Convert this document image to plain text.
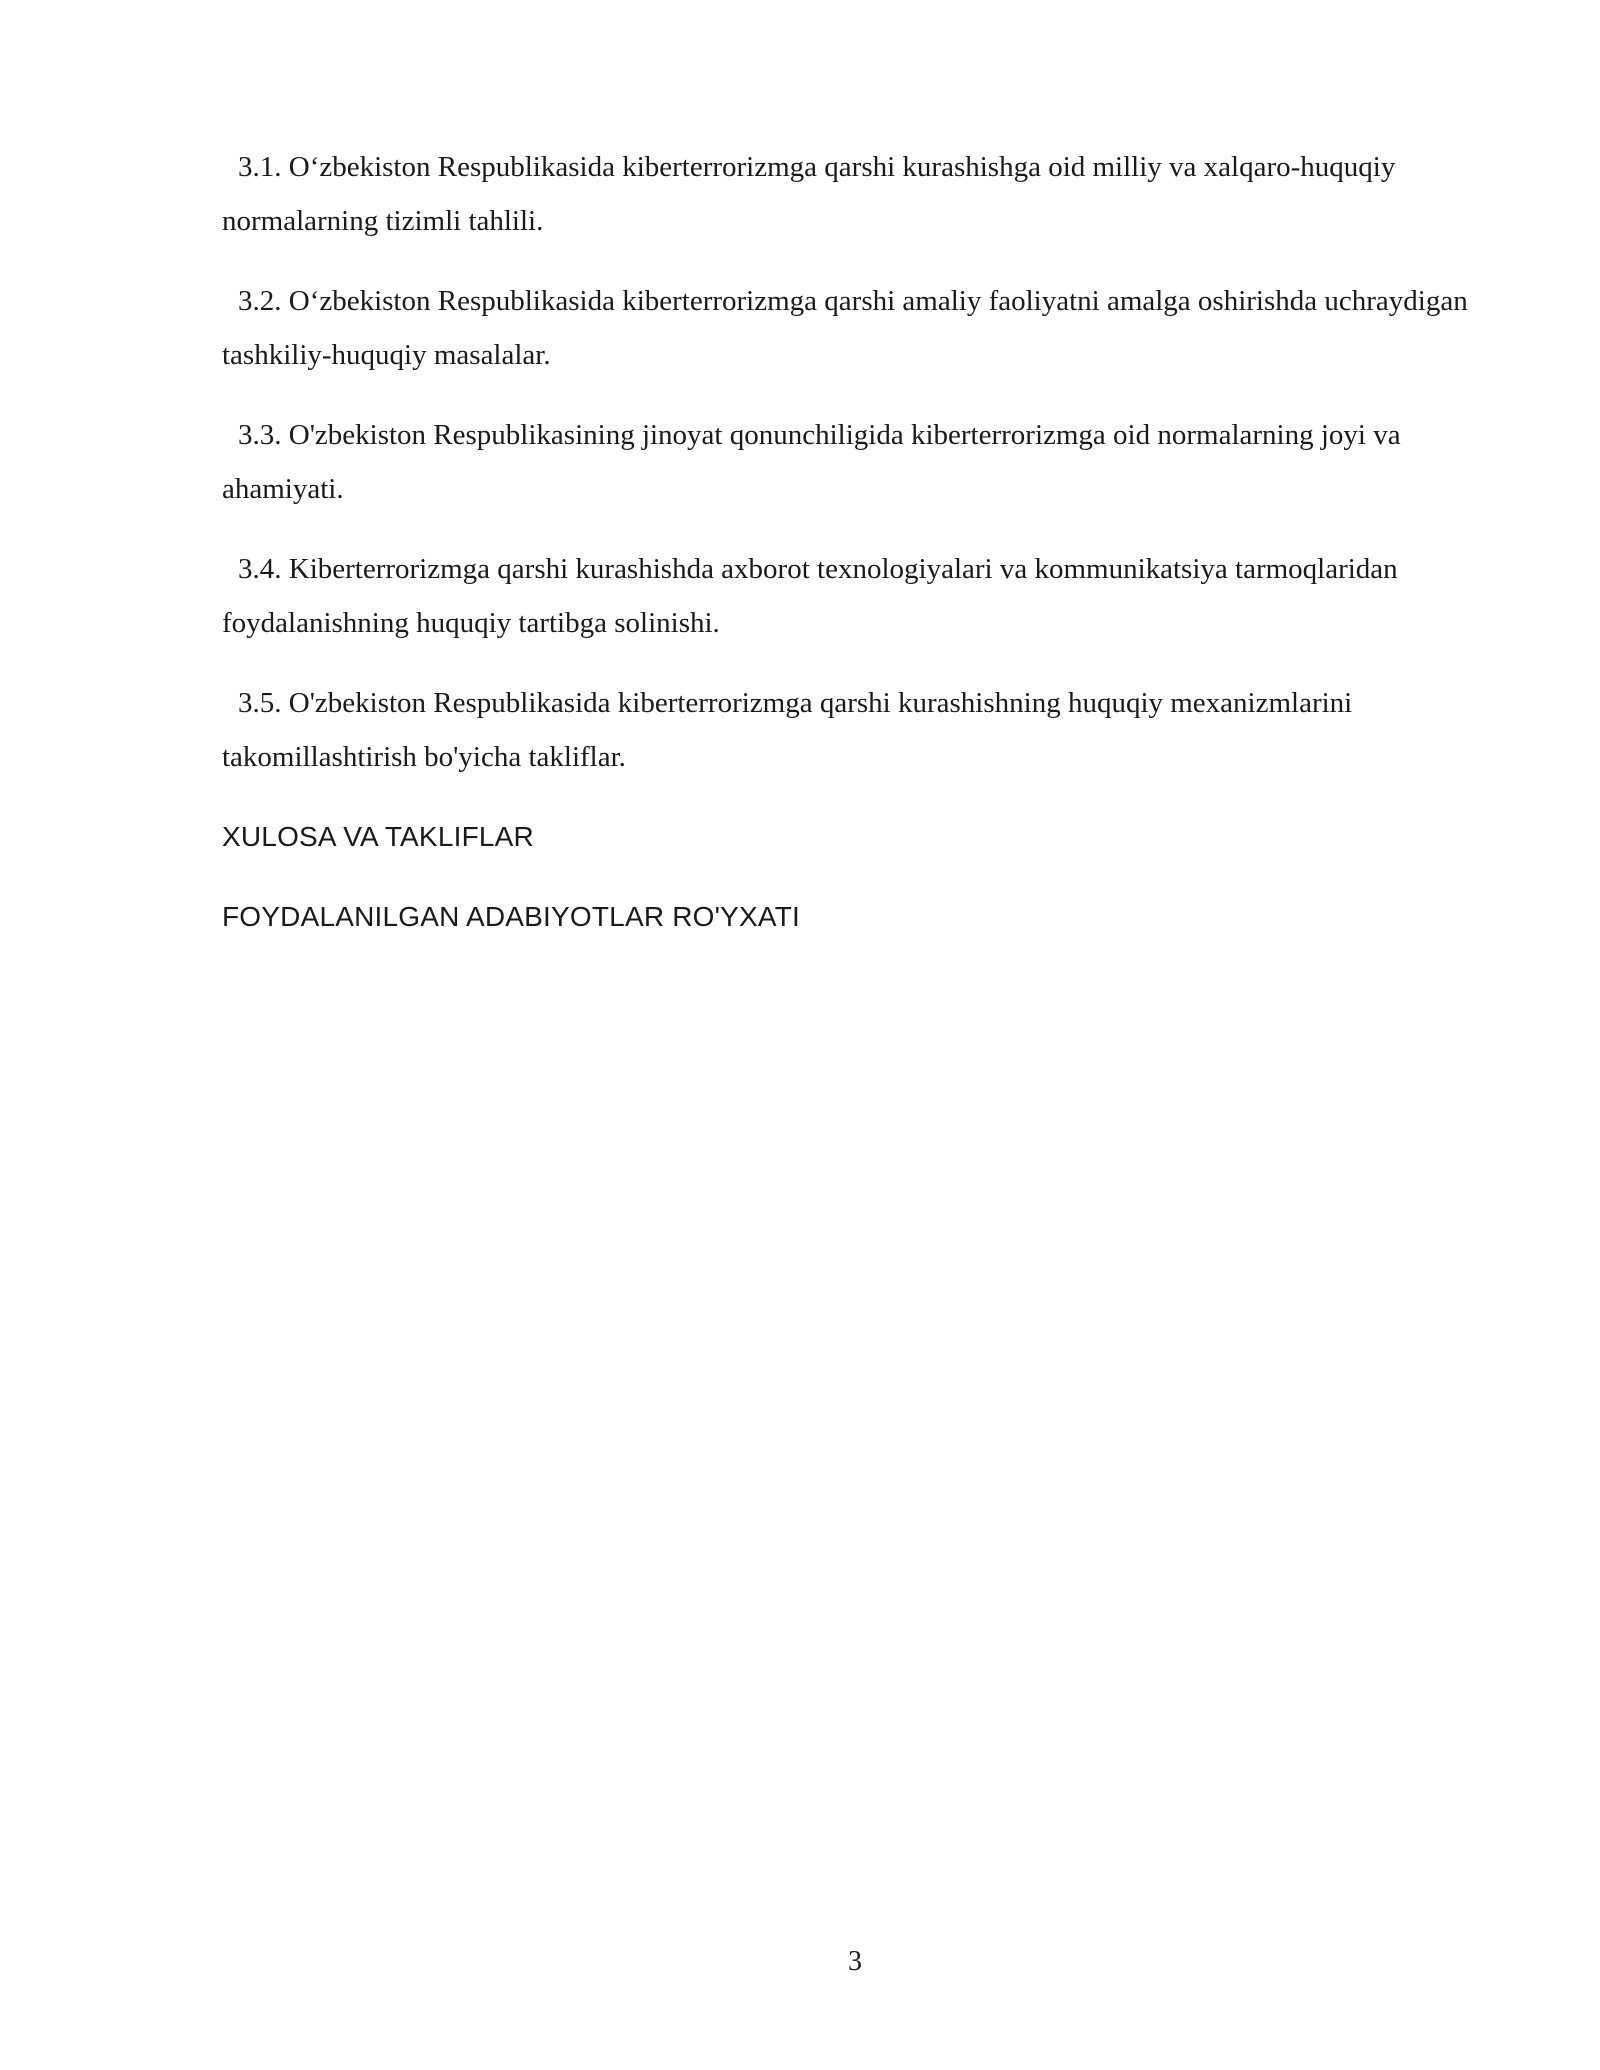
3.1. O‘zbekiston Respublikasida kiberterrorizmga qarshi kurashishga oid milliy va xalqaro-huquqiy normalarning tizimli tahlili.

3.2. O‘zbekiston Respublikasida kiberterrorizmga qarshi amaliy faoliyatni amalga oshirishda uchraydigan tashkiliy-huquqiy masalalar.

3.3. O'zbekiston Respublikasining jinoyat qonunchiligida kiberterrorizmga oid normalarning joyi va ahamiyati.

3.4. Kiberterrorizmga qarshi kurashishda axborot texnologiyalari va kommunikatsiya tarmoqlaridan foydalanishning huquqiy tartibga solinishi.

3.5. O'zbekiston Respublikasida kiberterrorizmga qarshi kurashishning huquqiy mexanizmlarini takomillashtirish bo'yicha takliflar.

XULOSA VA TAKLIFLAR

FOYDALANILGAN ADABIYOTLAR RO'YXATI

3
